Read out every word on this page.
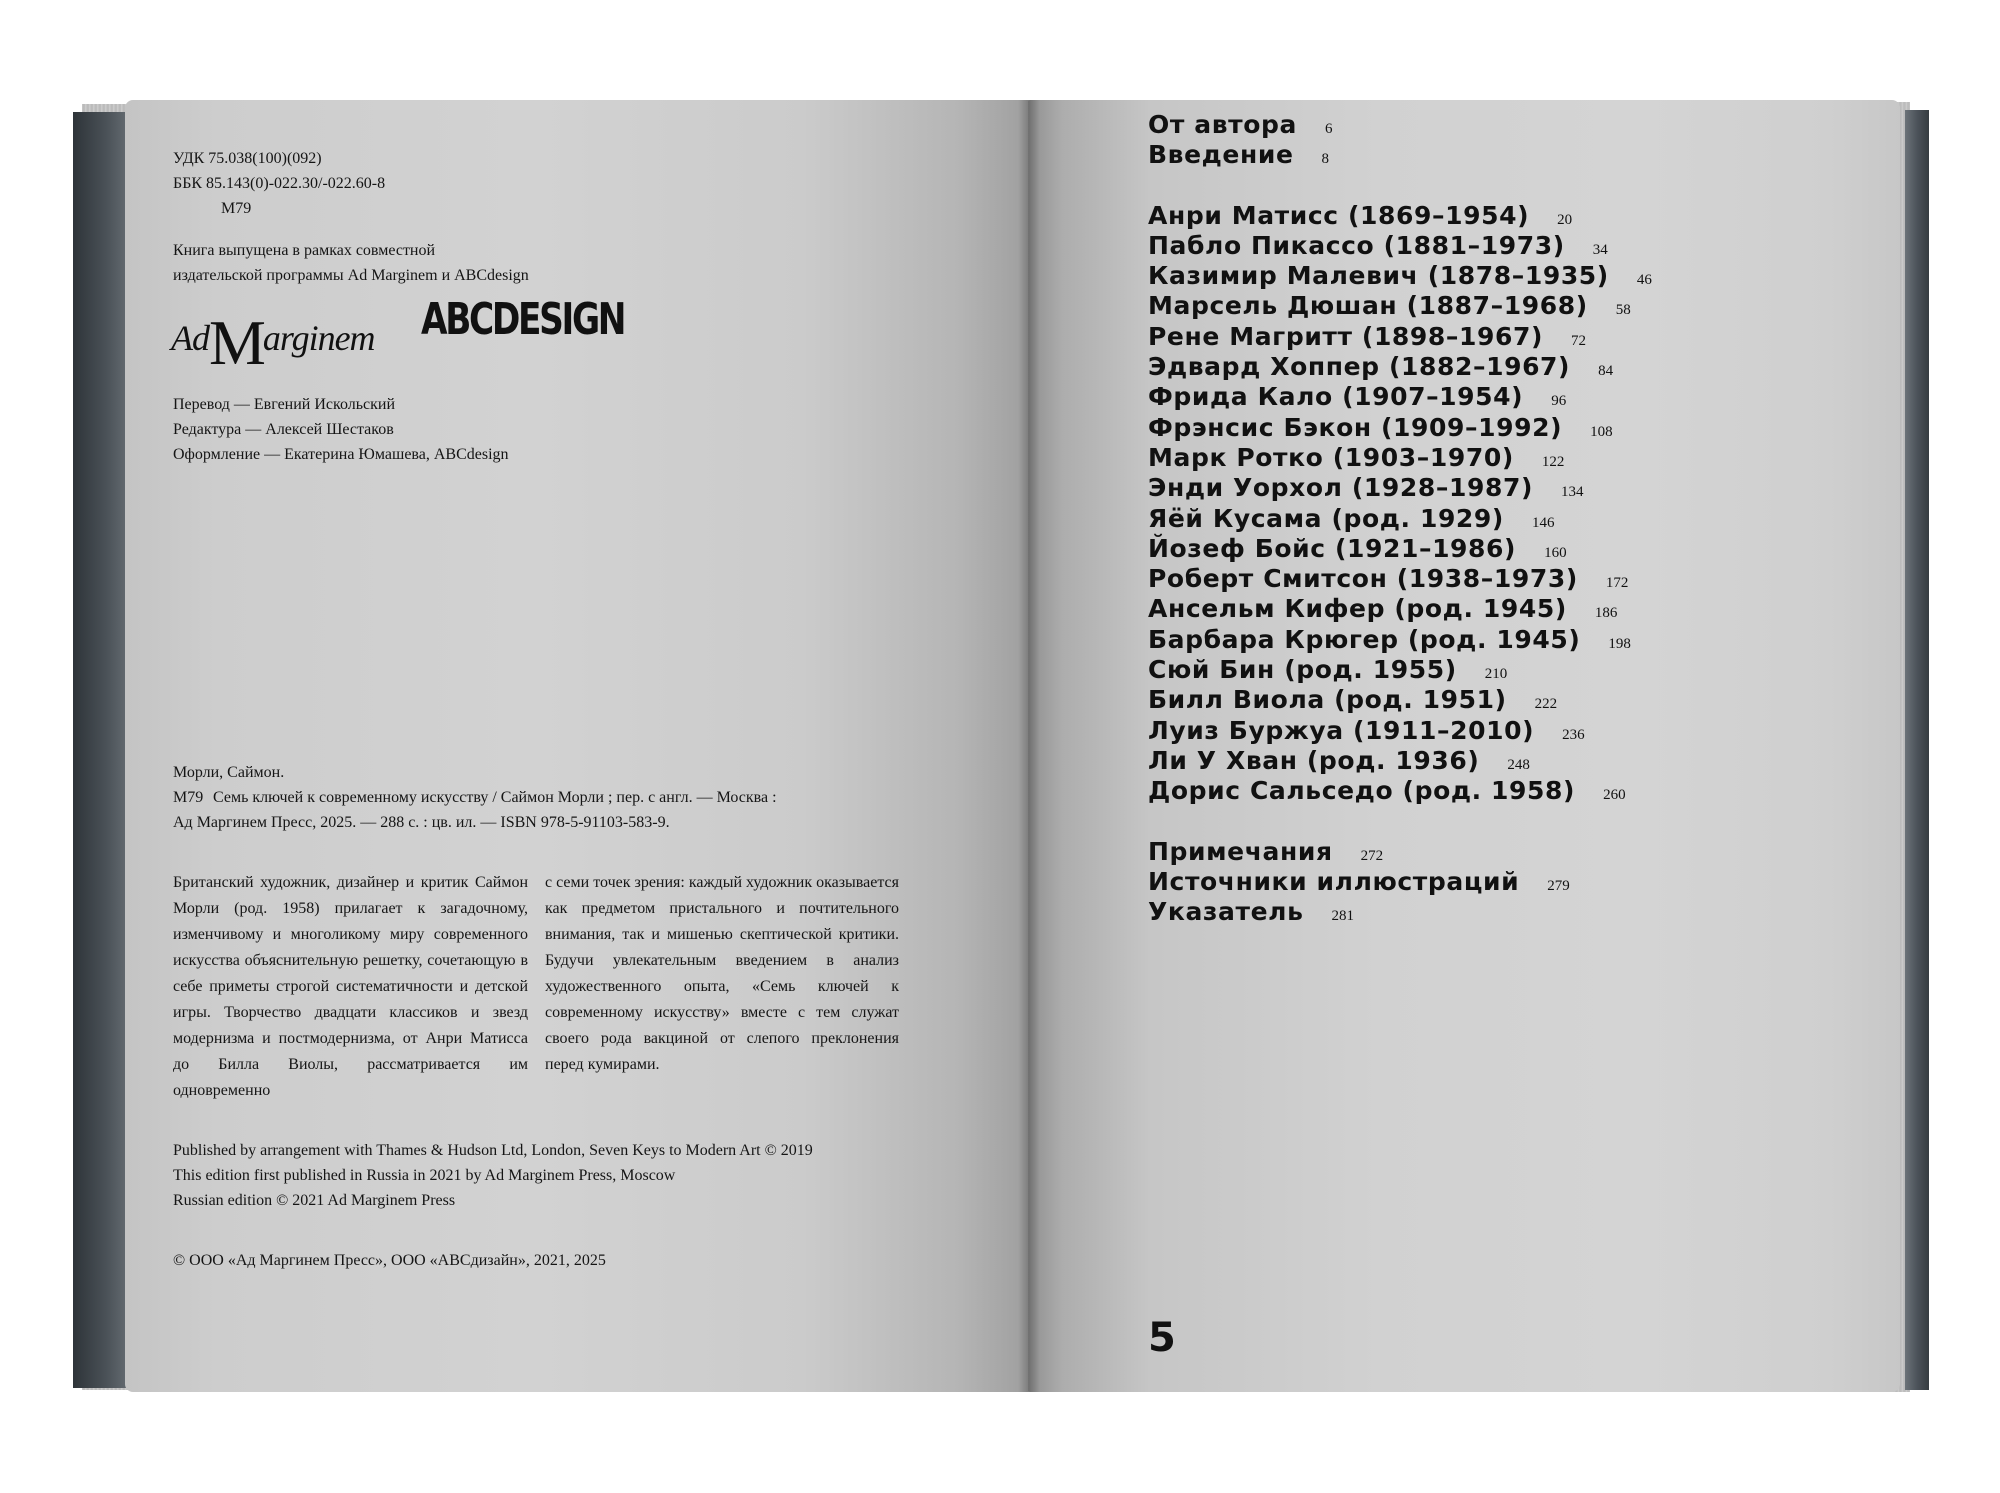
УДК 75.038(100)(092)
ББК 85.143(0)-022.30/-022.60-8
М79
Книга выпущена в рамках совместной
издательской программы Ad Marginem и ABCdesign
AdMarginem ABCDESIGN
Перевод — Евгений Искольский
Редактура — Алексей Шестаков
Оформление — Екатерина Юмашева, ABCdesign
Морли, Саймон.
М79 Семь ключей к современному искусству / Саймон Морли ; пер. с англ. — Москва :
Ад Маргинем Пресс, 2025. — 288 с. : цв. ил. — ISBN 978-5-91103-583-9.
Британский художник, дизайнер и критик Саймон Морли (род. 1958) прилагает к загадочному, изменчивому и многоликому миру современного искусства объяснительную решетку, сочетающую в себе приметы строгой систематичности и детской игры. Творчество двадцати классиков и звезд модернизма и постмодернизма, от Анри Матисса до Билла Виолы, рассматривается им одновременно
с семи точек зрения: каждый художник оказывается как предметом пристального и почтительного внимания, так и мишенью скептической критики. Будучи увлекательным введением в анализ художественного опыта, «Семь ключей к современному искусству» вместе с тем служат своего рода вакциной от слепого преклонения перед кумирами.
Published by arrangement with Thames & Hudson Ltd, London, Seven Keys to Modern Art © 2019
This edition first published in Russia in 2021 by Ad Marginem Press, Moscow
Russian edition © 2021 Ad Marginem Press
© ООО «Ад Маргинем Пресс», ООО «АВСдизайн», 2021, 2025
От автора 6
Введение 8
Анри Матисс (1869–1954) 20
Пабло Пикассо (1881–1973) 34
Казимир Малевич (1878–1935) 46
Марсель Дюшан (1887–1968) 58
Рене Магритт (1898–1967) 72
Эдвард Хоппер (1882–1967) 84
Фрида Кало (1907–1954) 96
Фрэнсис Бэкон (1909–1992) 108
Марк Ротко (1903–1970) 122
Энди Уорхол (1928–1987) 134
Яёй Кусама (род. 1929) 146
Йозеф Бойс (1921–1986) 160
Роберт Смитсон (1938–1973) 172
Ансельм Кифер (род. 1945) 186
Барбара Крюгер (род. 1945) 198
Сюй Бин (род. 1955) 210
Билл Виола (род. 1951) 222
Луиз Буржуа (1911–2010) 236
Ли У Хван (род. 1936) 248
Дорис Сальседо (род. 1958) 260
Примечания 272
Источники иллюстраций 279
Указатель 281
5
